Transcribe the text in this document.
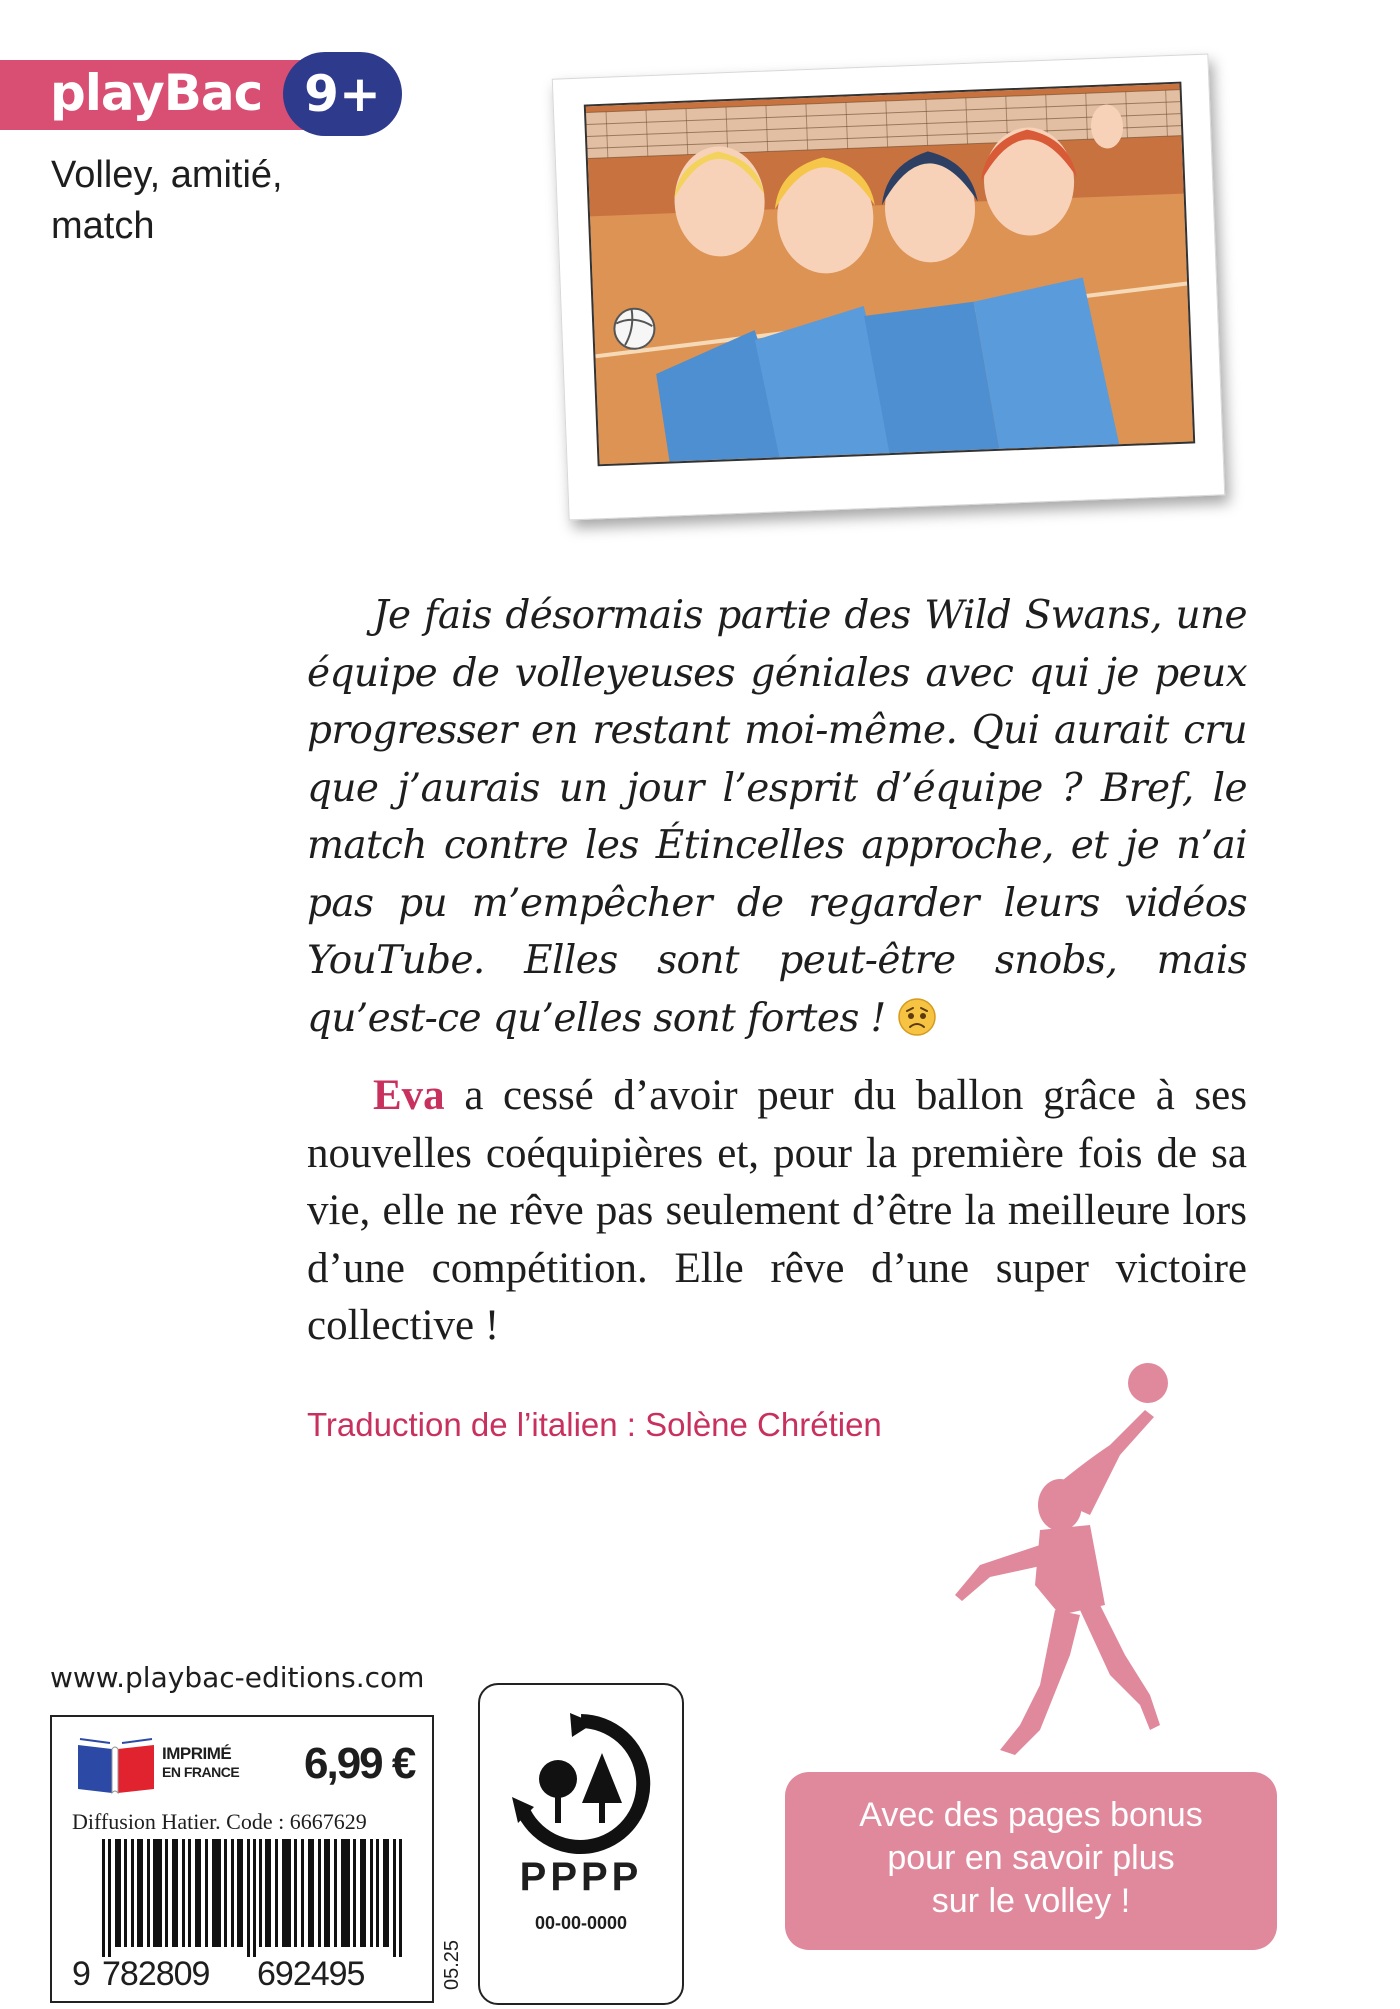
playBac 9+
Volley, amitié,
match

Je fais désormais partie des Wild Swans, une équipe de volleyeuses géniales avec qui je peux progresser en restant moi-même. Qui aurait cru que j’aurais un jour l’esprit d’équipe ? Bref, le match contre les Étincelles approche, et je n’ai pas pu m’empêcher de regarder leurs vidéos YouTube. Elles sont peut-être snobs, mais qu’est-ce qu’elles sont fortes !

Eva a cessé d’avoir peur du ballon grâce à ses nouvelles coéquipières et, pour la première fois de sa vie, elle ne rêve pas seulement d’être la meilleure lors d’une compétition. Elle rêve d’une super victoire collective !

Traduction de l’italien : Solène Chrétien
www.playbac-editions.com
IMPRIMÉ
EN FRANCE 6,99 €
Diffusion Hatier. Code : 6667629
9 782809 692495	05.25
PPPP
00-00-0000
Avec des pages bonus
pour en savoir plus
sur le volley !
